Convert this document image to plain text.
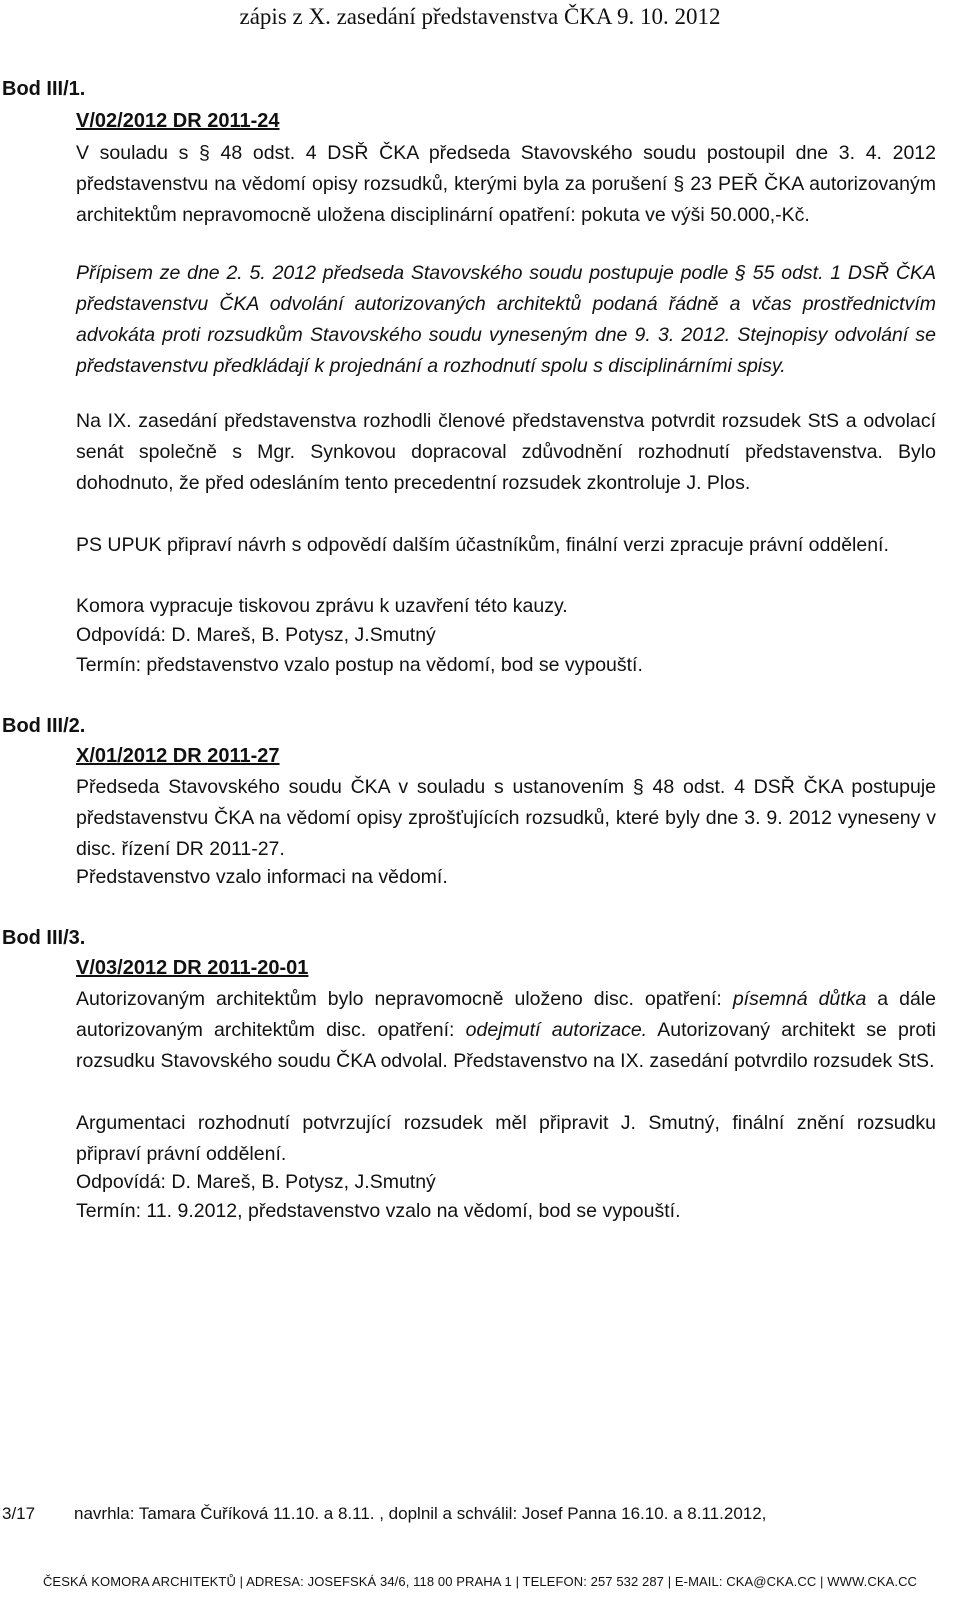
zápis z X. zasedání představenstva ČKA 9. 10. 2012
Bod III/1.
V/02/2012 DR 2011-24

V souladu s § 48 odst. 4 DSŘ ČKA předseda Stavovského soudu postoupil dne 3. 4. 2012 představenstvu na vědomí opisy rozsudků, kterými byla za porušení § 23 PEŘ ČKA autorizovaným architektům nepravomocně uložena disciplinární opatření: pokuta ve výši 50.000,-Kč.

Přípisem ze dne 2. 5. 2012 předseda Stavovského soudu postupuje podle § 55 odst. 1 DSŘ ČKA představenstvu ČKA odvolání autorizovaných architektů podaná řádně a včas prostřednictvím advokáta proti rozsudkům Stavovského soudu vyneseným dne 9. 3. 2012. Stejnopisy odvolání se představenstvu předkládají k projednání a rozhodnutí spolu s disciplinárními spisy.

Na IX. zasedání představenstva rozhodli členové představenstva potvrdit rozsudek StS a odvolací senát společně s Mgr. Synkovou dopracoval zdůvodnění rozhodnutí představenstva. Bylo dohodnuto, že před odesláním tento precedentní rozsudek zkontroluje J. Plos.

PS UPUK připraví návrh s odpovědí dalším účastníkům, finální verzi zpracuje právní oddělení.

Komora vypracuje tiskovou zprávu k uzavření této kauzy.
Odpovídá: D. Mareš, B. Potysz, J.Smutný
Termín: představenstvo vzalo postup na vědomí, bod se vypouští.
Bod III/2.
X/01/2012 DR 2011-27

Předseda Stavovského soudu ČKA v souladu s ustanovením § 48 odst. 4 DSŘ ČKA postupuje představenstvu ČKA na vědomí opisy zprošťujících rozsudků, které byly dne 3. 9. 2012 vyneseny v disc. řízení DR 2011-27.

Představenstvo vzalo informaci na vědomí.
Bod III/3.
V/03/2012 DR 2011-20-01

Autorizovaným architektům bylo nepravomocně uloženo disc. opatření: písemná důtka a dále autorizovaným architektům disc. opatření: odejmutí autorizace. Autorizovaný architekt se proti rozsudku Stavovského soudu ČKA odvolal. Představenstvo na IX. zasedání potvrdilo rozsudek StS.

Argumentaci rozhodnutí potvrzující rozsudek měl připravit J. Smutný, finální znění rozsudku připraví právní oddělení.

Odpovídá: D. Mareš, B. Potysz, J.Smutný
Termín: 11. 9.2012, představenstvo vzalo na vědomí, bod se vypouští.
3/17 navrhla: Tamara Čuříková 11.10. a 8.11. , doplnil a schválil: Josef Panna 16.10. a 8.11.2012,
ČESKÁ KOMORA ARCHITEKTŮ | ADRESA: JOSEFSKÁ 34/6, 118 00 PRAHA 1 | TELEFON: 257 532 287 | E-MAIL: CKA@CKA.CC | WWW.CKA.CC
